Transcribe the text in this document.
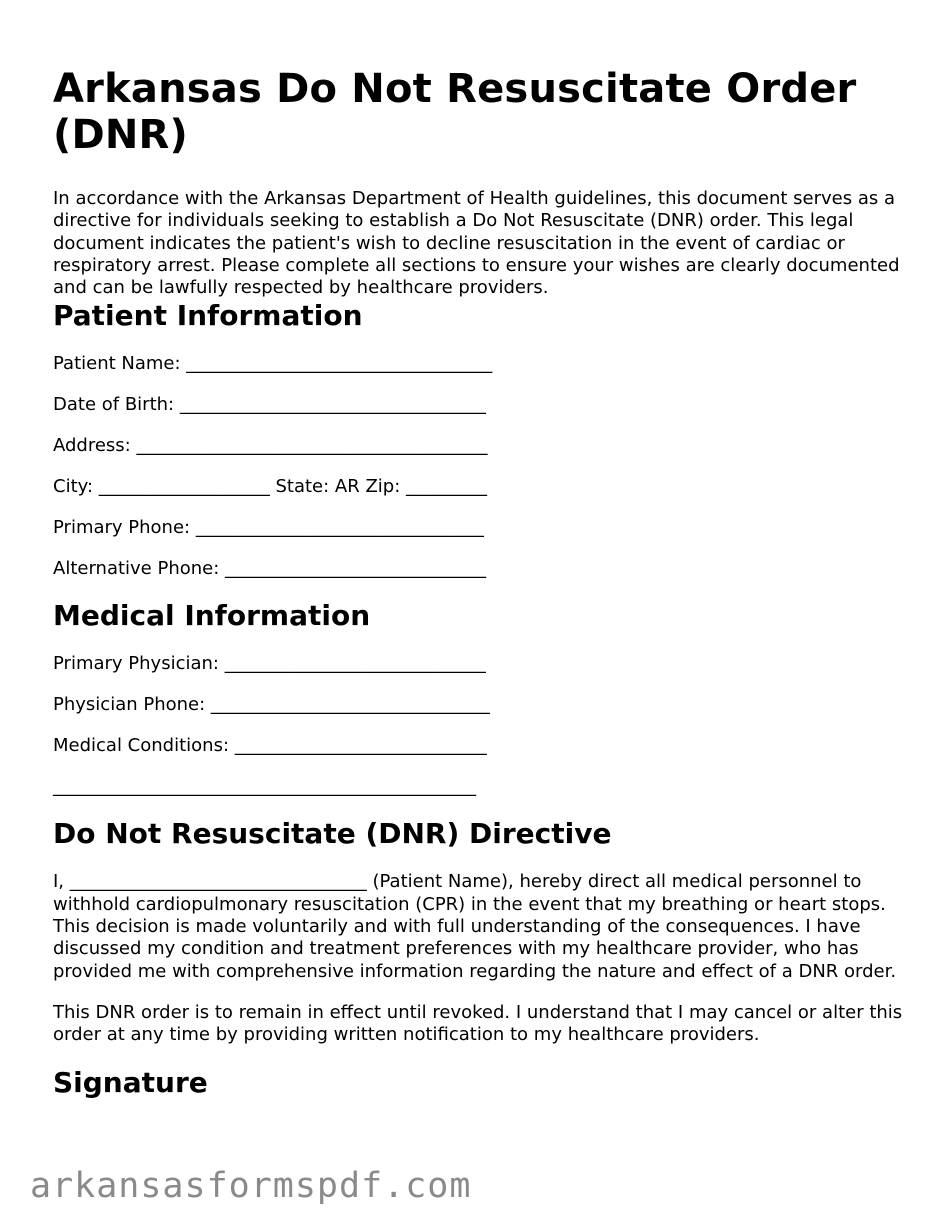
Arkansas Do Not Resuscitate Order (DNR)

In accordance with the Arkansas Department of Health guidelines, this document serves as a directive for individuals seeking to establish a Do Not Resuscitate (DNR) order. This legal document indicates the patient's wish to decline resuscitation in the event of cardiac or respiratory arrest. Please complete all sections to ensure your wishes are clearly documented and can be lawfully respected by healthcare providers.

Patient Information
Patient Name: __________________________________
Date of Birth: __________________________________
Address: _______________________________________
City: ___________________ State: AR Zip: _________
Primary Phone: ________________________________
Alternative Phone: _____________________________
Medical Information
Primary Physician: _____________________________
Physician Phone: _______________________________
Medical Conditions: ____________________________
_______________________________________________
Do Not Resuscitate (DNR) Directive

I, _________________________________ (Patient Name), hereby direct all medical personnel to withhold cardiopulmonary resuscitation (CPR) in the event that my breathing or heart stops. This decision is made voluntarily and with full understanding of the consequences. I have discussed my condition and treatment preferences with my healthcare provider, who has provided me with comprehensive information regarding the nature and effect of a DNR order.

This DNR order is to remain in effect until revoked. I understand that I may cancel or alter this order at any time by providing written notification to my healthcare providers.

Signature
arkansasformspdf.com
